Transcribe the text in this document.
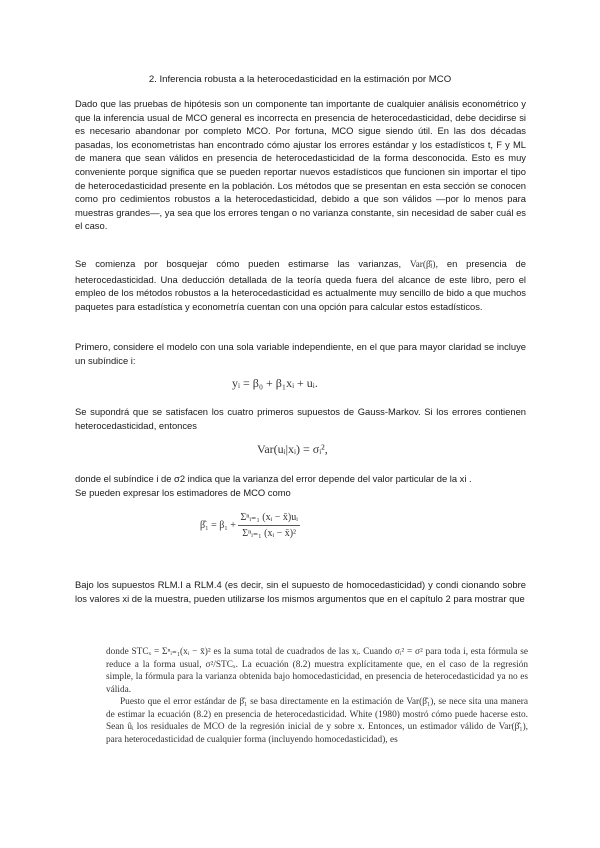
2. Inferencia robusta a la heterocedasticidad en la estimación por MCO
Dado que las pruebas de hipótesis son un componente tan importante de cualquier análisis econométrico y que la inferencia usual de MCO general es incorrecta en presencia de heterocedasticidad, debe decidirse si es necesario abandonar por completo MCO. Por fortuna, MCO sigue siendo útil. En las dos décadas pasadas, los econometristas han encontrado cómo ajustar los errores estándar y los estadísticos t, F y ML de manera que sean válidos en presencia de heterocedasticidad de la forma desconocida. Esto es muy conveniente porque significa que se pueden reportar nuevos estadísticos que funcionen sin importar el tipo de heterocedasticidad presente en la población. Los métodos que se presentan en esta sección se conocen como pro cedimientos robustos a la heterocedasticidad, debido a que son válidos —por lo menos para muestras grandes—, ya sea que los errores tengan o no varianza constante, sin necesidad de saber cuál es el caso.
Se comienza por bosquejar cómo pueden estimarse las varianzas, Var(β̂ⱼ), en presencia de heterocedasticidad. Una deducción detallada de la teoría queda fuera del alcance de este libro, pero el empleo de los métodos robustos a la heterocedasticidad es actualmente muy sencillo de bido a que muchos paquetes para estadística y econometría cuentan con una opción para calcular estos estadísticos.
Primero, considere el modelo con una sola variable independiente, en el que para mayor claridad se incluye un subíndice i:
yᵢ = β₀ + β₁xᵢ + uᵢ.
Se supondrá que se satisfacen los cuatro primeros supuestos de Gauss-Markov. Si los errores contienen heterocedasticidad, entonces
Var(uᵢ|xᵢ) = σᵢ²,
donde el subíndice i de σ2 indica que la varianza del error depende del valor particular de la xi .
Se pueden expresar los estimadores de MCO como
β̂₁ = $\beta_1 + \frac{\text{Σⁿᵢ₌₁ (xᵢ − x̄)uᵢ}}{\text{Σⁿᵢ₌₁ (xᵢ − x̄)²}}$
Bajo los supuestos RLM.I a RLM.4 (es decir, sin el supuesto de homocedasticidad) y condi cionando sobre los valores xi de la muestra, pueden utilizarse los mismos argumentos que en el capítulo 2 para mostrar que
donde STCₓ = Σⁿᵢ₌₁(xᵢ − x̄)² es la suma total de cuadrados de las xᵢ. Cuando σᵢ² = σ² para toda i, esta fórmula se reduce a la forma usual, σ²/STCₓ. La ecuación (8.2) muestra explícitamente que, en el caso de la regresión simple, la fórmula para la varianza obtenida bajo homocedasticidad, en presencia de heterocedasticidad ya no es válida.
Puesto que el error estándar de β̂₁ se basa directamente en la estimación de Var(β̂₁), se nece sita una manera de estimar la ecuación (8.2) en presencia de heterocedasticidad. White (1980) mostró cómo puede hacerse esto. Sean ûᵢ los residuales de MCO de la regresión inicial de y sobre x. Entonces, un estimador válido de Var(β̂₁), para heterocedasticidad de cualquier forma (incluyendo homocedasticidad), es
